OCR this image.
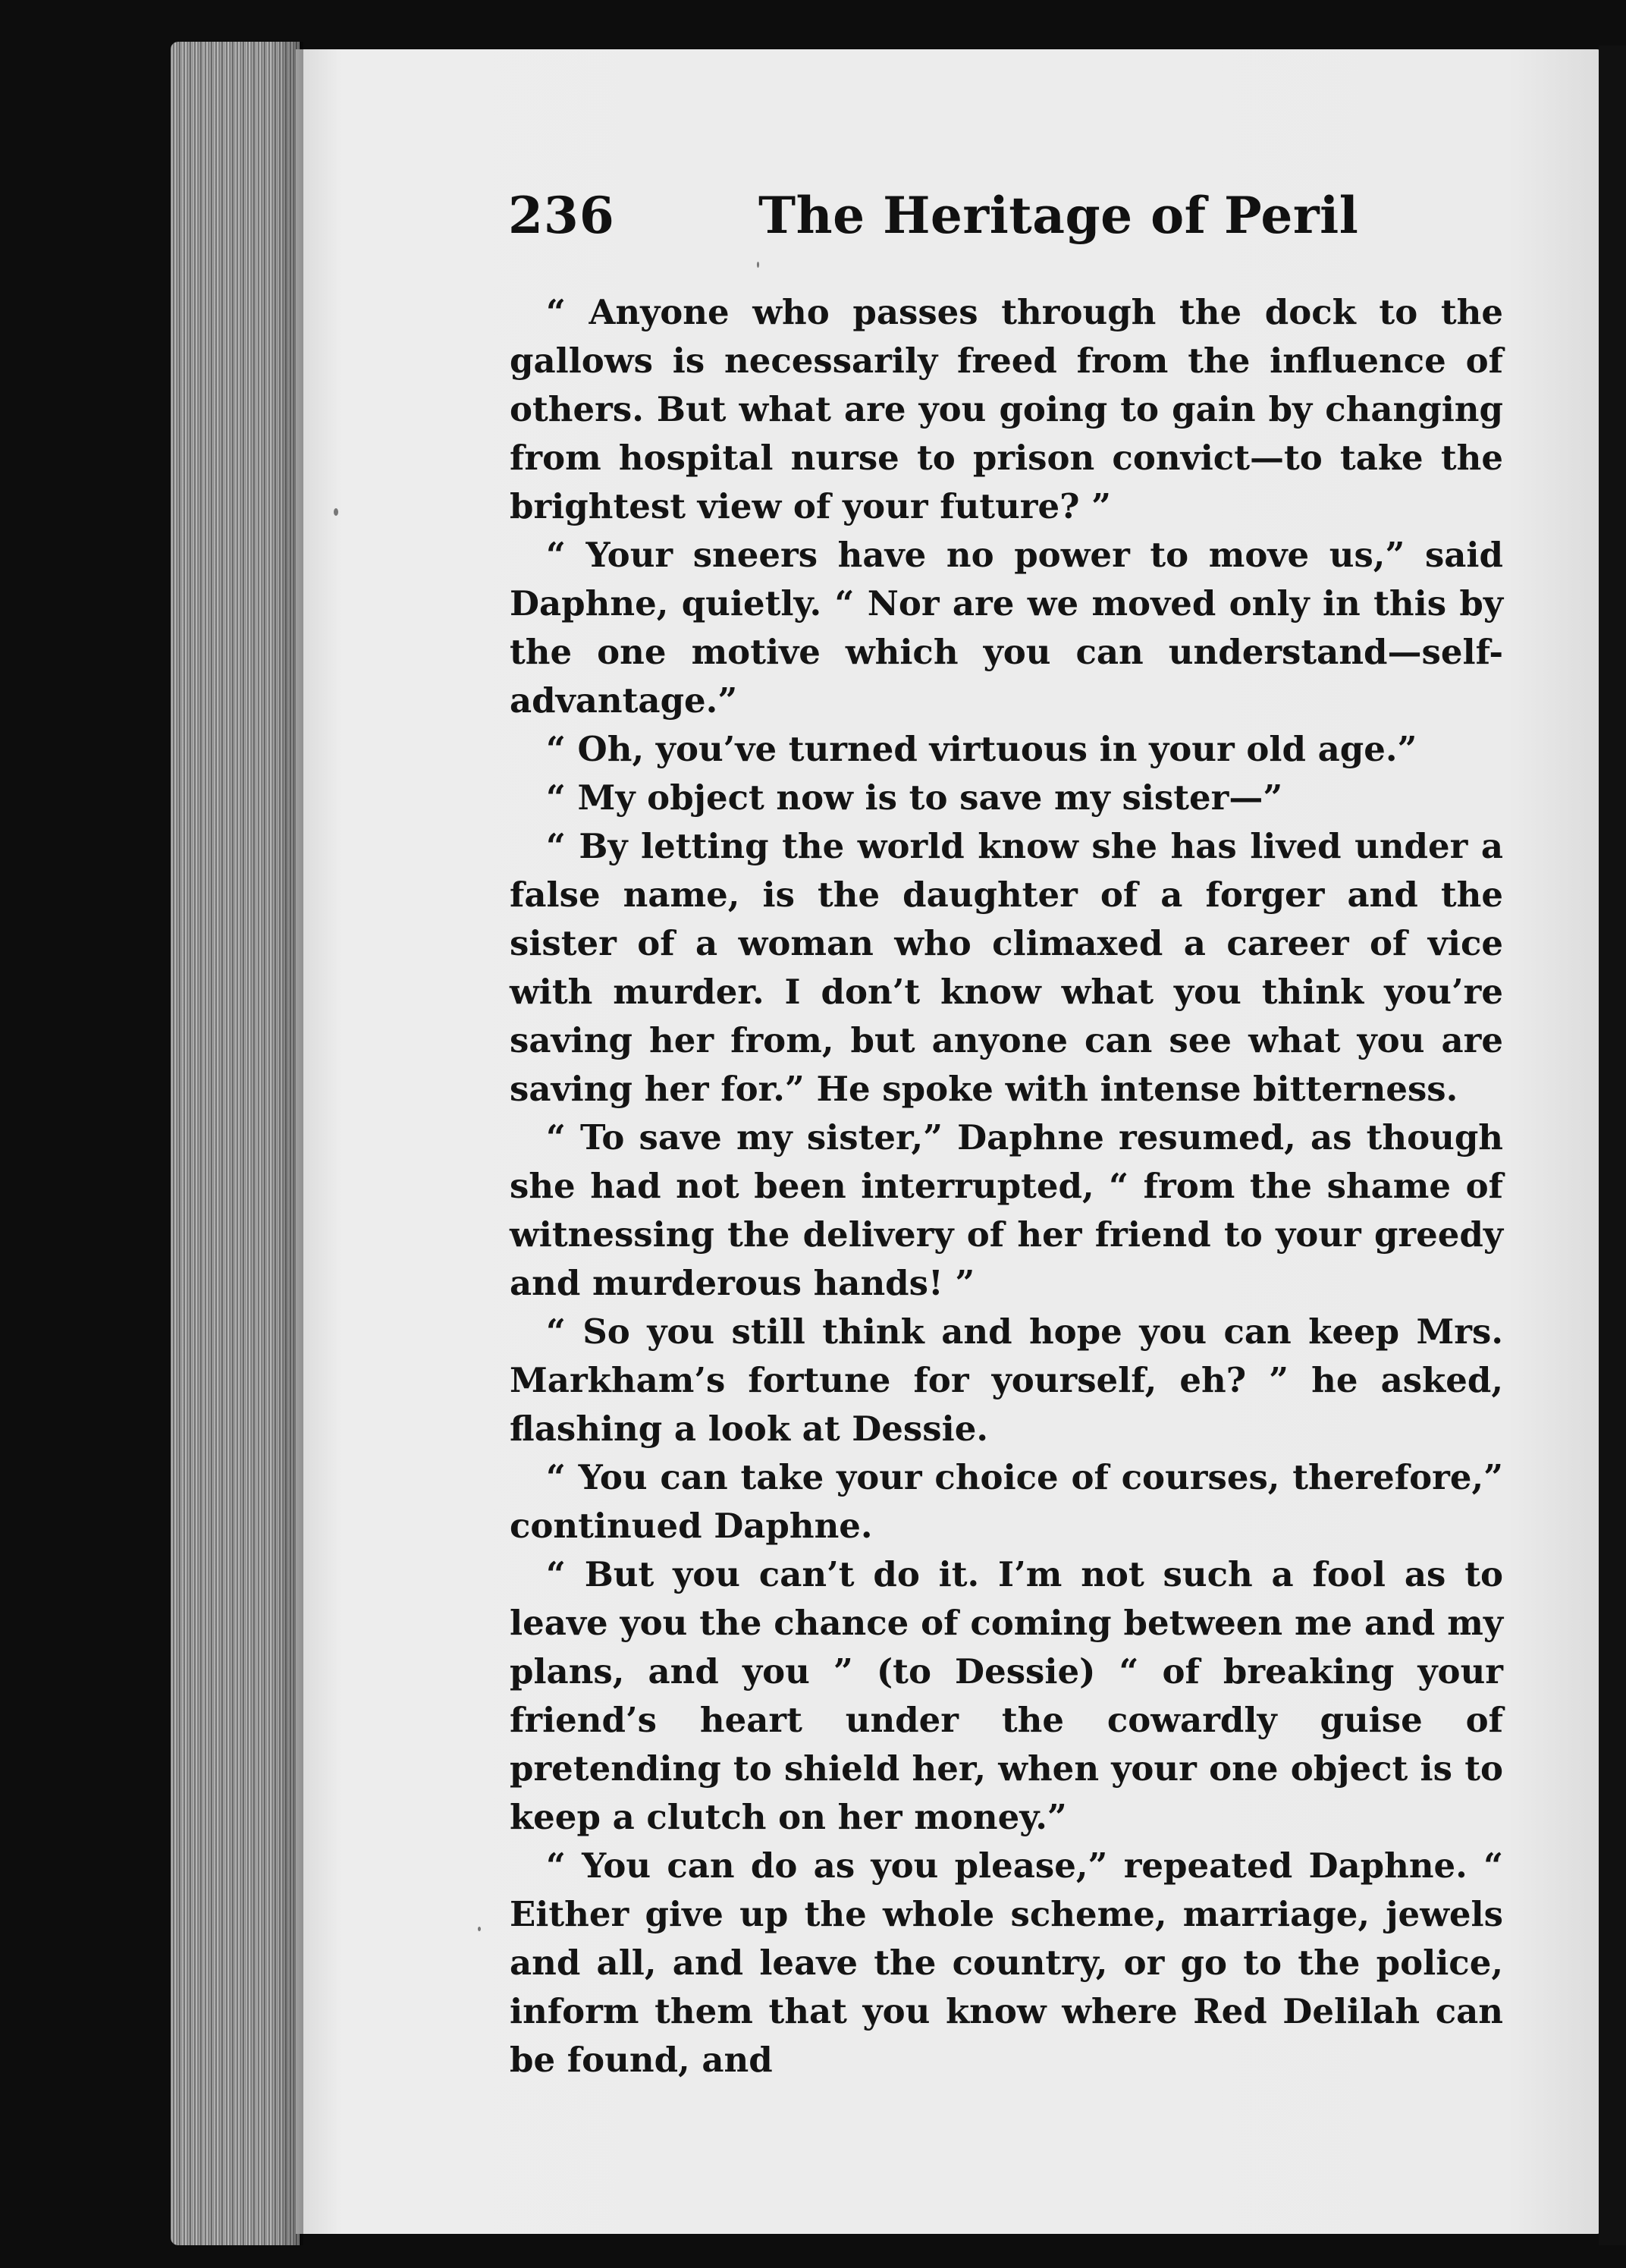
236	The Heritage of Peril

“ Anyone who passes through the dock to the gallows is necessarily freed from the influence of others. But what are you going to gain by changing from hospital nurse to prison convict—to take the brightest view of your future? ”

“ Your sneers have no power to move us,” said Daphne, quietly. “ Nor are we moved only in this by the one motive which you can understand—self-advantage.”

“ Oh, you’ve turned virtuous in your old age.”

“ My object now is to save my sister—”

“ By letting the world know she has lived under a false name, is the daughter of a forger and the sister of a woman who climaxed a career of vice with murder. I don’t know what you think you’re saving her from, but anyone can see what you are saving her for.” He spoke with intense bitterness.

“ To save my sister,” Daphne resumed, as though she had not been interrupted, “ from the shame of witnessing the delivery of her friend to your greedy and murderous hands! ”

“ So you still think and hope you can keep Mrs. Markham’s fortune for yourself, eh? ” he asked, flashing a look at Dessie.

“ You can take your choice of courses, therefore,” continued Daphne.

“ But you can’t do it. I’m not such a fool as to leave you the chance of coming between me and my plans, and you ” (to Dessie) “ of breaking your friend’s heart under the cowardly guise of pretending to shield her, when your one object is to keep a clutch on her money.”

“ You can do as you please,” repeated Daphne. “ Either give up the whole scheme, marriage, jewels and all, and leave the country, or go to the police, inform them that you know where Red Delilah can be found, and
